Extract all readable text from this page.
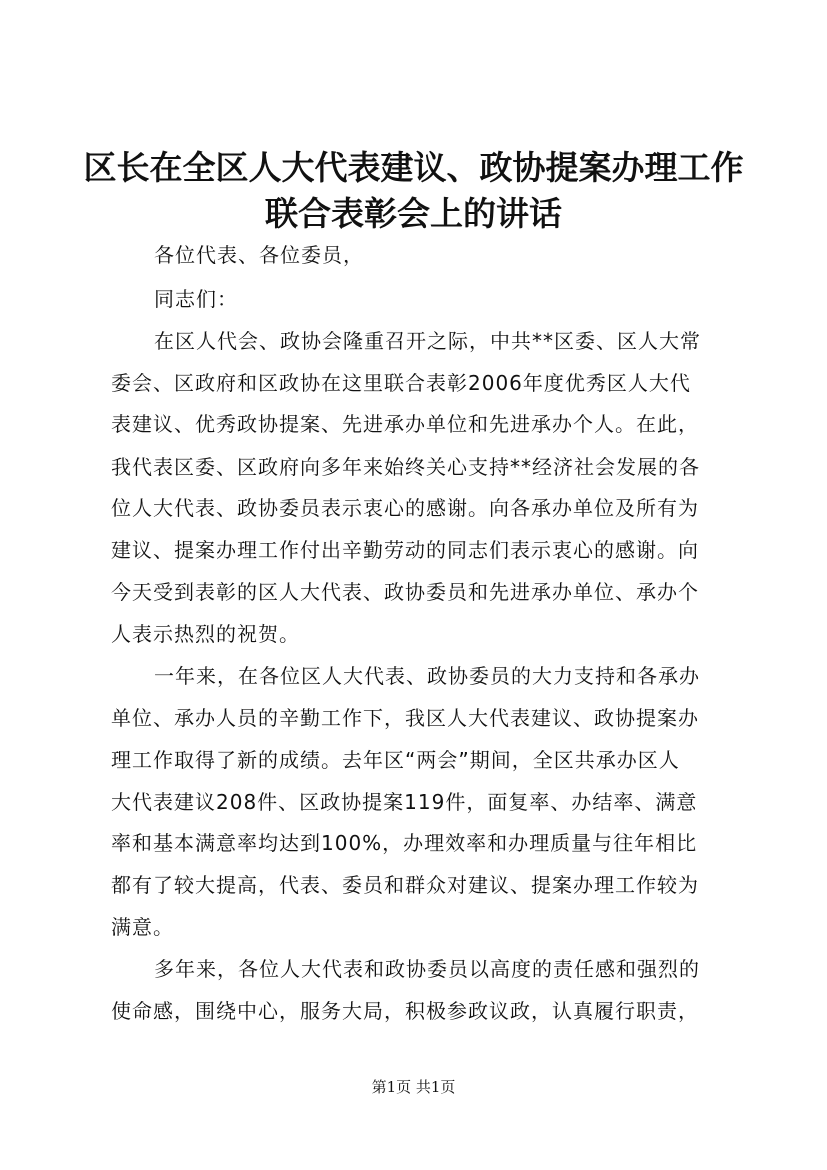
区长在全区人大代表建议、政协提案办理工作
联合表彰会上的讲话
各位代表、各位委员，
同志们：
在区人代会、政协会隆重召开之际，中共**区委、区人大常
委会、区政府和区政协在这里联合表彰2006年度优秀区人大代
表建议、优秀政协提案、先进承办单位和先进承办个人。在此，
我代表区委、区政府向多年来始终关心支持**经济社会发展的各
位人大代表、政协委员表示衷心的感谢。向各承办单位及所有为
建议、提案办理工作付出辛勤劳动的同志们表示衷心的感谢。向
今天受到表彰的区人大代表、政协委员和先进承办单位、承办个
人表示热烈的祝贺。
一年来，在各位区人大代表、政协委员的大力支持和各承办
单位、承办人员的辛勤工作下，我区人大代表建议、政协提案办
理工作取得了新的成绩。去年区“两会”期间，全区共承办区人
大代表建议208件、区政协提案119件，面复率、办结率、满意
率和基本满意率均达到100%，办理效率和办理质量与往年相比
都有了较大提高，代表、委员和群众对建议、提案办理工作较为
满意。
多年来，各位人大代表和政协委员以高度的责任感和强烈的
使命感，围绕中心，服务大局，积极参政议政，认真履行职责，
第1页 共1页
